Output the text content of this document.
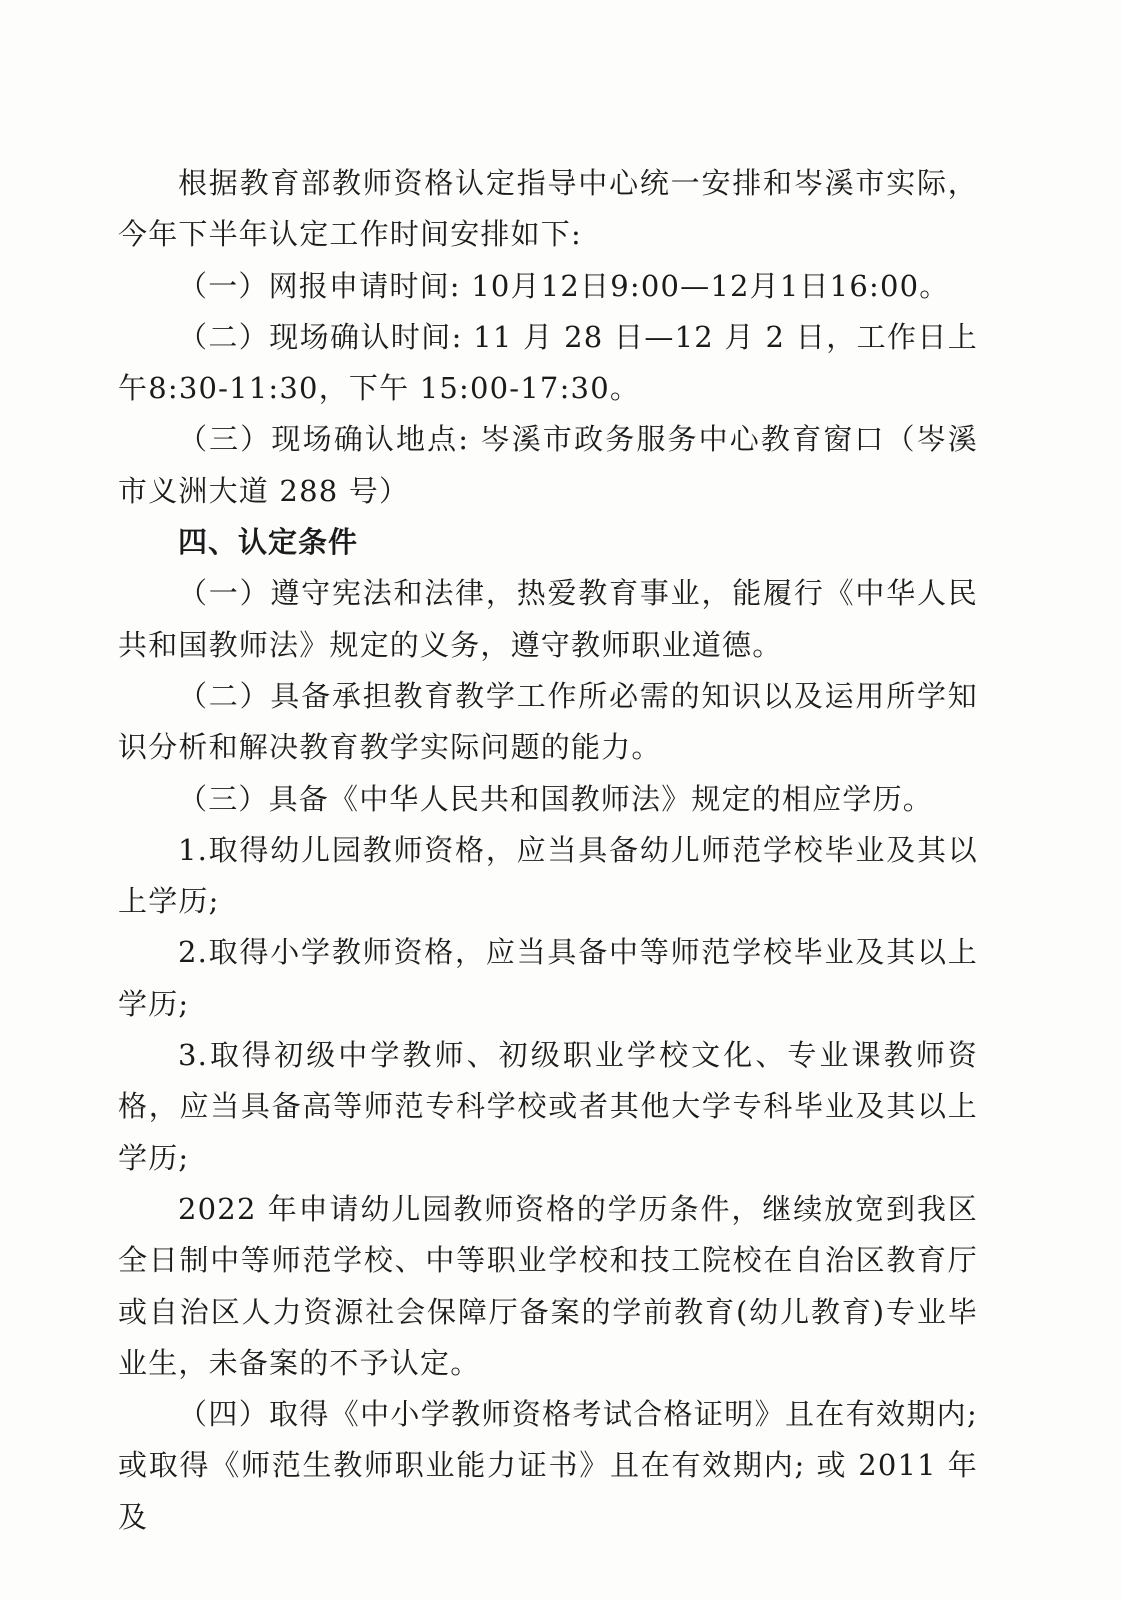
根据教育部教师资格认定指导中心统一安排和岑溪市实际，今年下半年认定工作时间安排如下:

（一）网报申请时间: 10月12日9:00—12月1日16:00。

（二）现场确认时间: 11 月 28 日—12 月 2 日，工作日上午8:30-11:30，下午 15:00-17:30。

（三）现场确认地点: 岑溪市政务服务中心教育窗口（岑溪市义洲大道 288 号）

四、认定条件

（一）遵守宪法和法律，热爱教育事业，能履行《中华人民共和国教师法》规定的义务，遵守教师职业道德。

（二）具备承担教育教学工作所必需的知识以及运用所学知识分析和解决教育教学实际问题的能力。

（三）具备《中华人民共和国教师法》规定的相应学历。

1.取得幼儿园教师资格，应当具备幼儿师范学校毕业及其以上学历;

2.取得小学教师资格，应当具备中等师范学校毕业及其以上学历;

3.取得初级中学教师、初级职业学校文化、专业课教师资格，应当具备高等师范专科学校或者其他大学专科毕业及其以上学历;

2022 年申请幼儿园教师资格的学历条件，继续放宽到我区全日制中等师范学校、中等职业学校和技工院校在自治区教育厅或自治区人力资源社会保障厅备案的学前教育(幼儿教育)专业毕业生，未备案的不予认定。

（四）取得《中小学教师资格考试合格证明》且在有效期内;或取得《师范生教师职业能力证书》且在有效期内; 或 2011 年及
